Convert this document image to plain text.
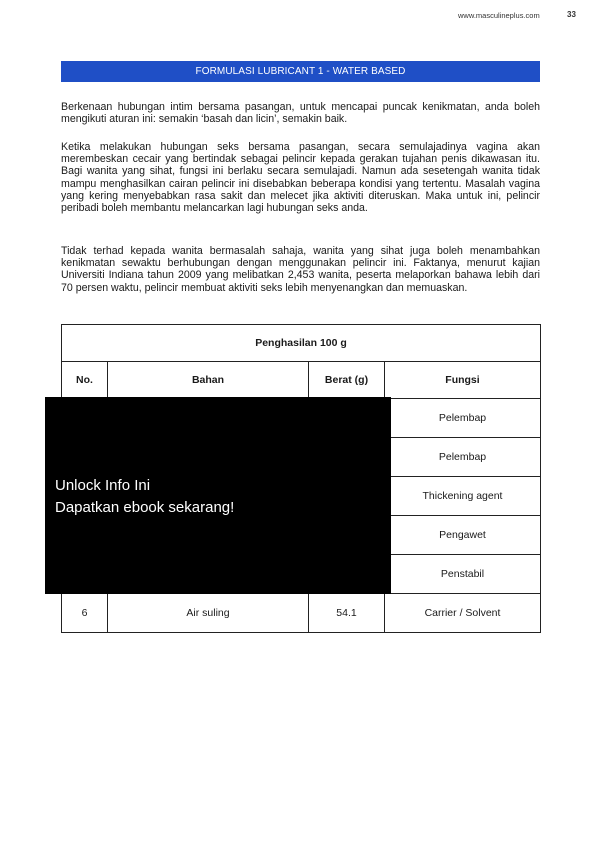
www.masculineplus.com	33
FORMULASI LUBRICANT 1 - WATER BASED

Berkenaan hubungan intim bersama pasangan, untuk mencapai puncak kenikmatan, anda boleh mengikuti aturan ini: semakin ‘basah dan licin’, semakin baik.

Ketika melakukan hubungan seks bersama pasangan, secara semulajadinya vagina akan merembeskan cecair yang bertindak sebagai pelincir kepada gerakan tujahan penis dikawasan itu. Bagi wanita yang sihat, fungsi ini berlaku secara semulajadi. Namun ada sesetengah wanita tidak mampu menghasilkan cairan pelincir ini disebabkan beberapa kondisi yang tertentu. Masalah vagina yang kering menyebabkan rasa sakit dan melecet jika aktiviti diteruskan. Maka untuk ini, pelincir peribadi boleh membantu melancarkan lagi hubungan seks anda.

Tidak terhad kepada wanita bermasalah sahaja, wanita yang sihat juga boleh menambahkan kenikmatan sewaktu berhubungan dengan menggunakan pelincir ini. Faktanya, menurut kajian Universiti Indiana tahun 2009 yang melibatkan 2,453 wanita, peserta melaporkan bahawa lebih dari 70 persen waktu, pelincir membuat aktiviti seks lebih menyenangkan dan memuaskan.

Penghasilan 100 g			
No.	Bahan	Berat (g)	Fungsi
			Pelembap
			Pelembap
			Thickening agent
			Pengawet
			Penstabil
6	Air suling	54.1	Carrier / Solvent
Unlock Info Ini
Dapatkan ebook sekarang!
